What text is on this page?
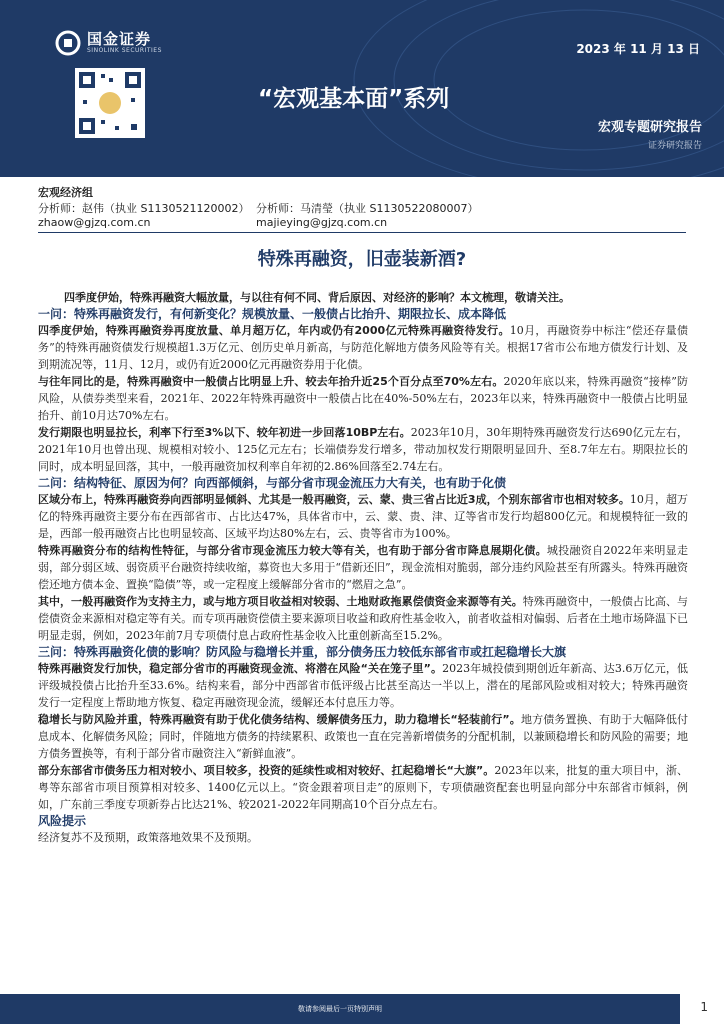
国金证券
SINOLINK SECURITIES	2023 年 11 月 13 日
“宏观基本面”系列
宏观专题研究报告
证券研究报告
宏观经济组
分析师：赵伟（执业 S1130521120002）
zhaow@gjzq.com.cn
分析师：马清瑩（执业 S1130522080007）
majieying@gjzq.com.cn
特殊再融资，旧壶装新酒?

四季度伊始，特殊再融资大幅放量，与以往有何不同、背后原因、对经济的影响？本文梳理，敬请关注。

一问：特殊再融资发行，有何新变化？规模放量、一般债占比抬升、期限拉长、成本降低

四季度伊始，特殊再融资券再度放量、单月超万亿，年内或仍有2000亿元特殊再融资待发行。10月，再融资券中标注“偿还存量债务”的特殊再融资债发行规模超1.3万亿元、创历史单月新高，与防范化解地方债务风险等有关。根据17省市公布地方债发行计划、及到期流况等，11月、12月，或仍有近2000亿元再融资券用于化债。

与往年同比的是，特殊再融资中一般债占比明显上升、较去年抬升近25个百分点至70%左右。2020年底以来，特殊再融资“接棒”防风险，从债券类型来看，2021年、2022年特殊再融资中一般债占比在40%-50%左右，2023年以来，特殊再融资中一般债占比明显抬升、前10月达70%左右。

发行期限也明显拉长，利率下行至3%以下、较年初进一步回落10BP左右。2023年10月，30年期特殊再融资发行达690亿元左右，2021年10月也曾出现、规模相对较小、125亿元左右；长端债券发行增多，带动加权发行期限明显回升、至8.7年左右。期限拉长的同时，成本明显回落，其中，一般再融资加权利率自年初的2.86%回落至2.74左右。

二问：结构特征、原因为何？向西部倾斜，与部分省市现金流压力大有关，也有助于化债

区域分布上，特殊再融资券向西部明显倾斜、尤其是一般再融资，云、蒙、贵三省占比近3成，个别东部省市也相对较多。10月，超万亿的特殊再融资主要分布在西部省市、占比达47%，具体省市中，云、蒙、贵、津、辽等省市发行均超800亿元。和规模特征一致的是，西部一般再融资占比也明显较高、区域平均达80%左右，云、贵等省市为100%。

特殊再融资分布的结构性特征，与部分省市现金流压力较大等有关，也有助于部分省市降息展期化债。城投融资自2022年来明显走弱，部分弱区域、弱资质平台融资持续收缩，募资也大多用于“借新还旧”，现金流相对脆弱，部分违约风险甚至有所露头。特殊再融资偿还地方债本金、置换“隐债”等，或一定程度上缓解部分省市的“燃眉之急”。

其中，一般再融资作为支持主力，或与地方项目收益相对较弱、土地财政拖累偿债资金来源等有关。特殊再融资中，一般债占比高、与偿债资金来源相对稳定等有关。而专项再融资偿债主要来源项目收益和政府性基金收入，前者收益相对偏弱、后者在土地市场降温下已明显走弱，例如，2023年前7月专项债付息占政府性基金收入比重创新高至15.2%。

三问：特殊再融资化债的影响？防风险与稳增长并重，部分债务压力较低东部省市或扛起稳增长大旗

特殊再融资发行加快，稳定部分省市的再融资现金流、将潜在风险“关在笼子里”。2023年城投债到期创近年新高、达3.6万亿元，低评级城投债占比抬升至33.6%。结构来看，部分中西部省市低评级占比甚至高达一半以上，潜在的尾部风险或相对较大；特殊再融资发行一定程度上帮助地方恢复、稳定再融资现金流，缓解还本付息压力等。

稳增长与防风险并重，特殊再融资有助于优化债务结构、缓解债务压力，助力稳增长“轻装前行”。地方债务置换、有助于大幅降低付息成本、化解债务风险；同时，伴随地方债务的持续累积、政策也一直在完善新增债务的分配机制，以兼顾稳增长和防风险的需要；地方债务置换等，有利于部分省市融资注入“新鲜血液”。

部分东部省市债务压力相对较小、项目较多，投资的延续性或相对较好、扛起稳增长“大旗”。2023年以来，批复的重大项目中，浙、粤等东部省市项目预算相对较多、1400亿元以上。“资金跟着项目走”的原则下，专项债融资配套也明显向部分中东部省市倾斜，例如，广东前三季度专项新券占比达21%、较2021-2022年同期高10个百分点左右。

风险提示

经济复苏不及预期，政策落地效果不及预期。

敬请参阅最后一页特别声明	1
